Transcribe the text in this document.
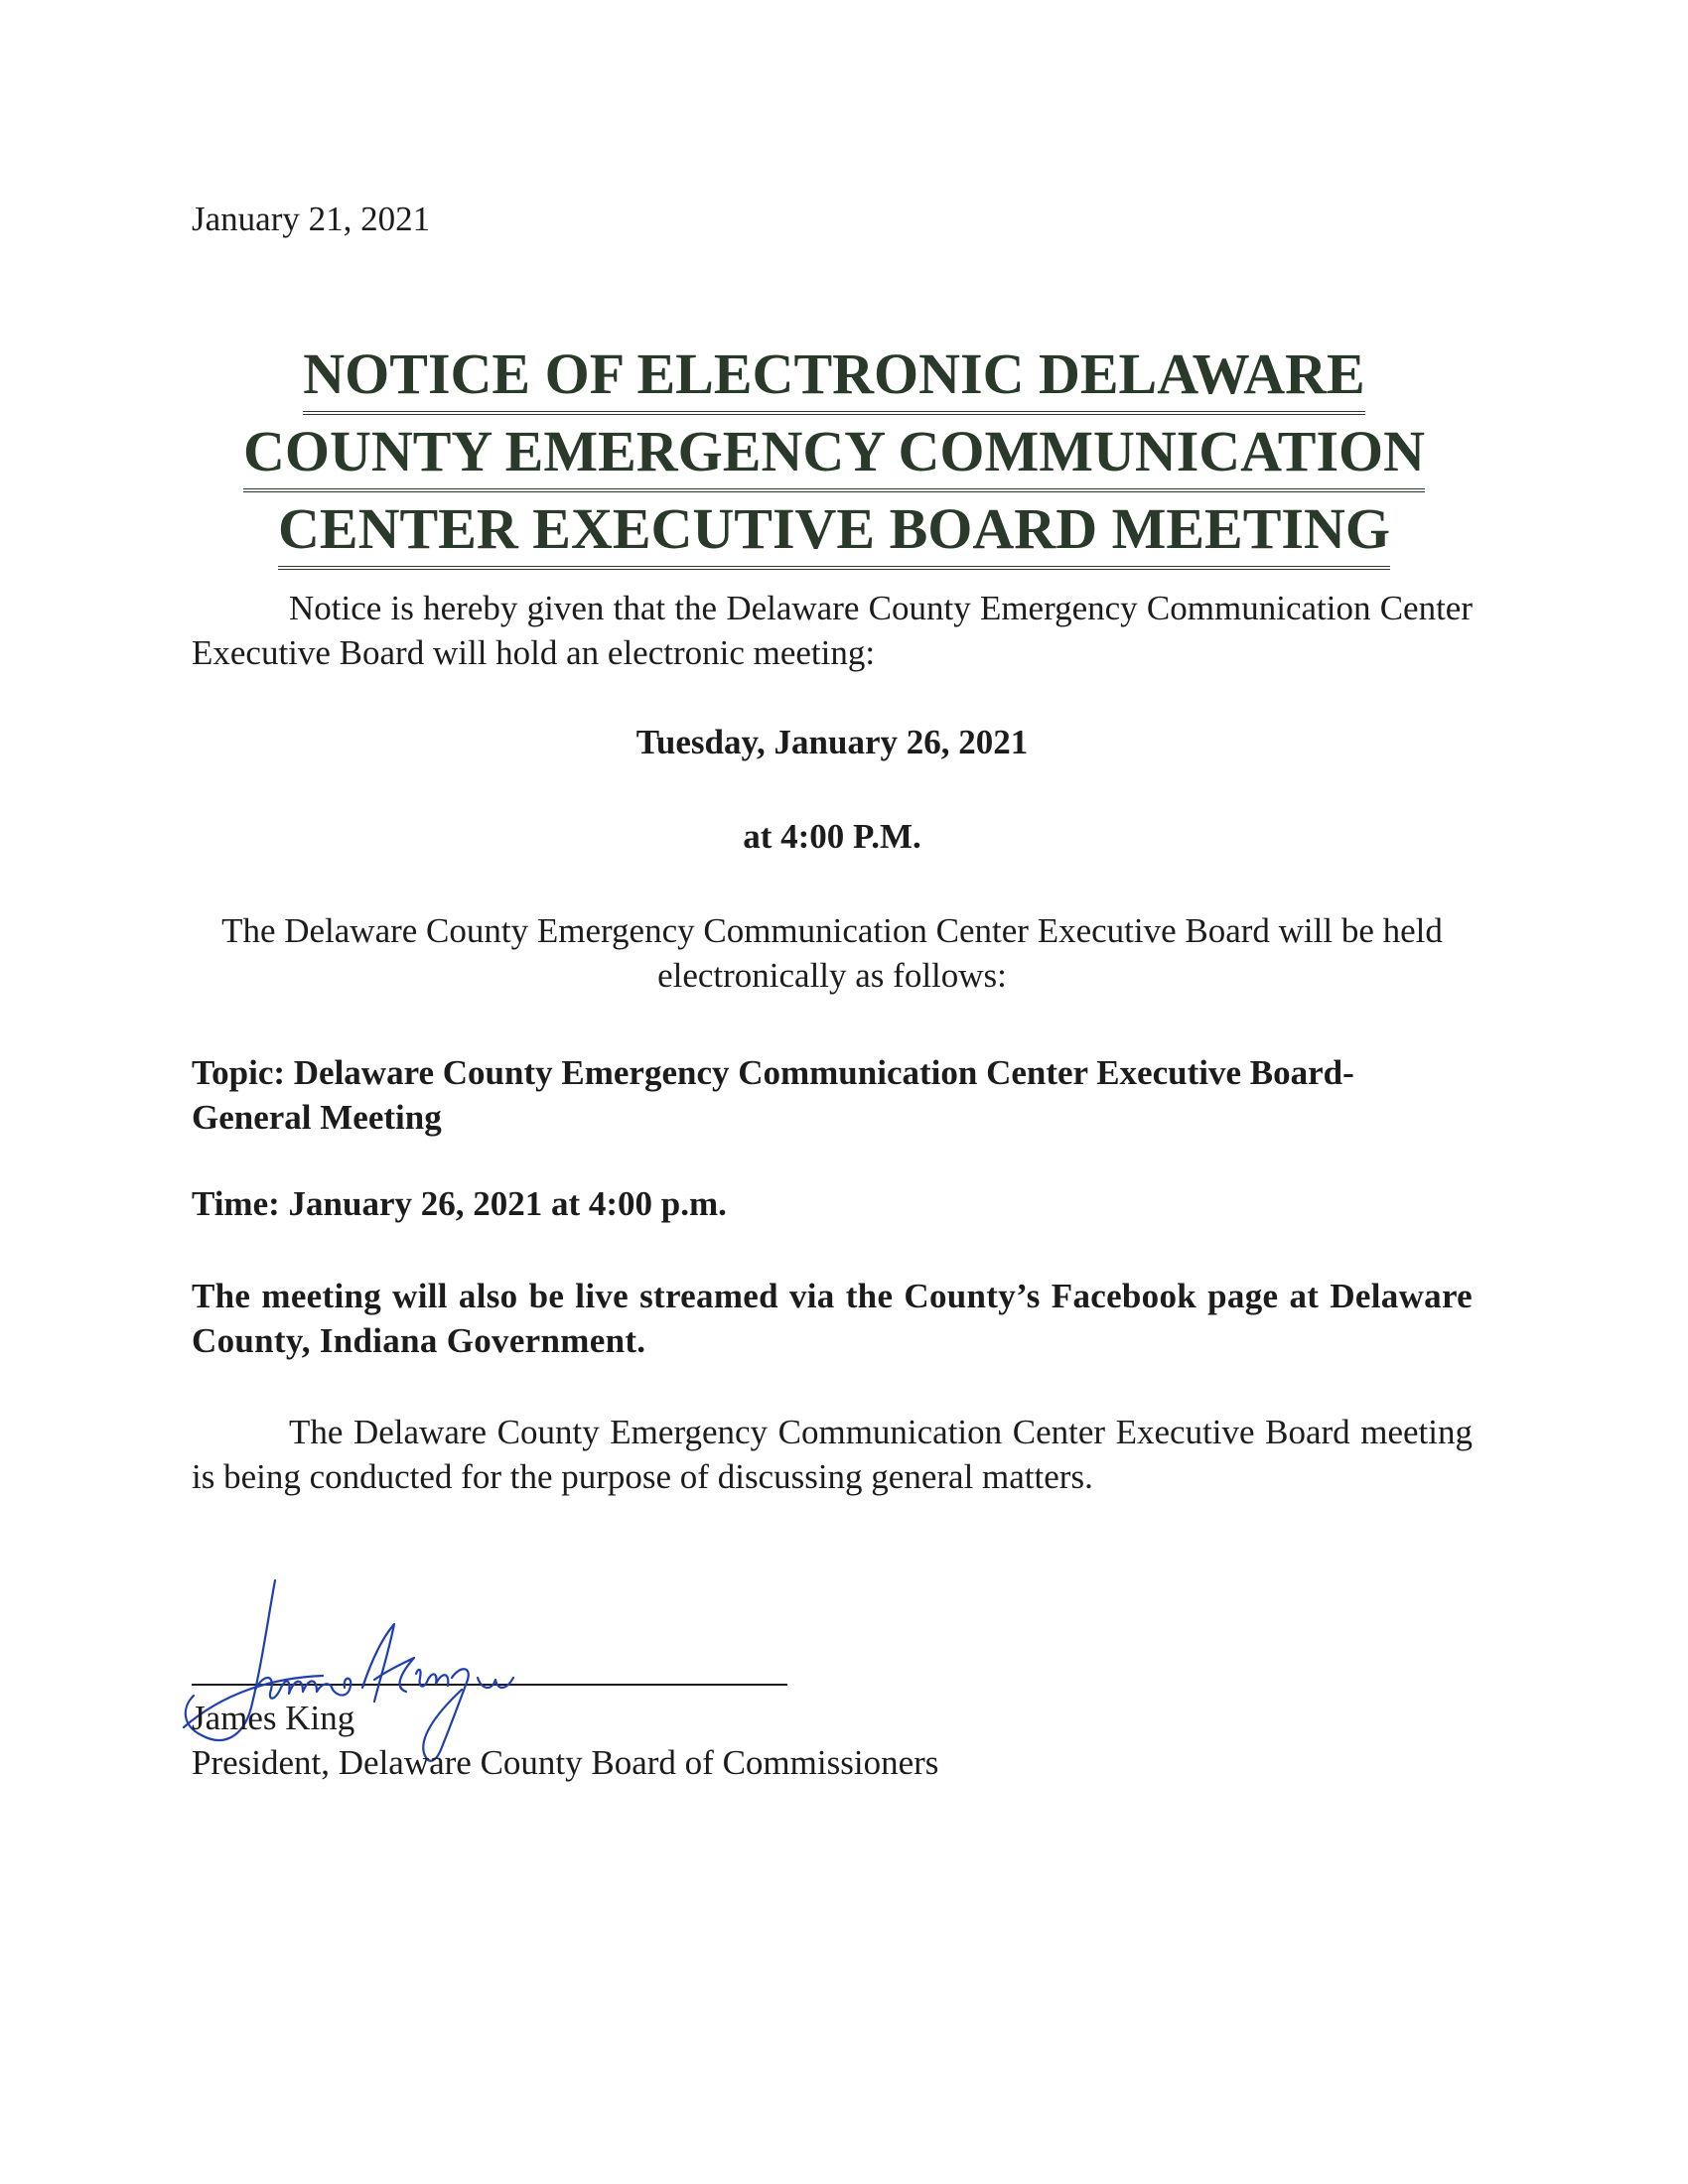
January 21, 2021
NOTICE OF ELECTRONIC DELAWARE
COUNTY EMERGENCY COMMUNICATION
CENTER EXECUTIVE BOARD MEETING
Notice is hereby given that the Delaware County Emergency Communication Center Executive Board will hold an electronic meeting:
Tuesday, January 26, 2021
at 4:00 P.M.
The Delaware County Emergency Communication Center Executive Board will be held electronically as follows:
Topic: Delaware County Emergency Communication Center Executive Board- General Meeting
Time: January 26, 2021 at 4:00 p.m.
The meeting will also be live streamed via the County’s Facebook page at Delaware County, Indiana Government.
The Delaware County Emergency Communication Center Executive Board meeting is being conducted for the purpose of discussing general matters.
James King
President, Delaware County Board of Commissioners
